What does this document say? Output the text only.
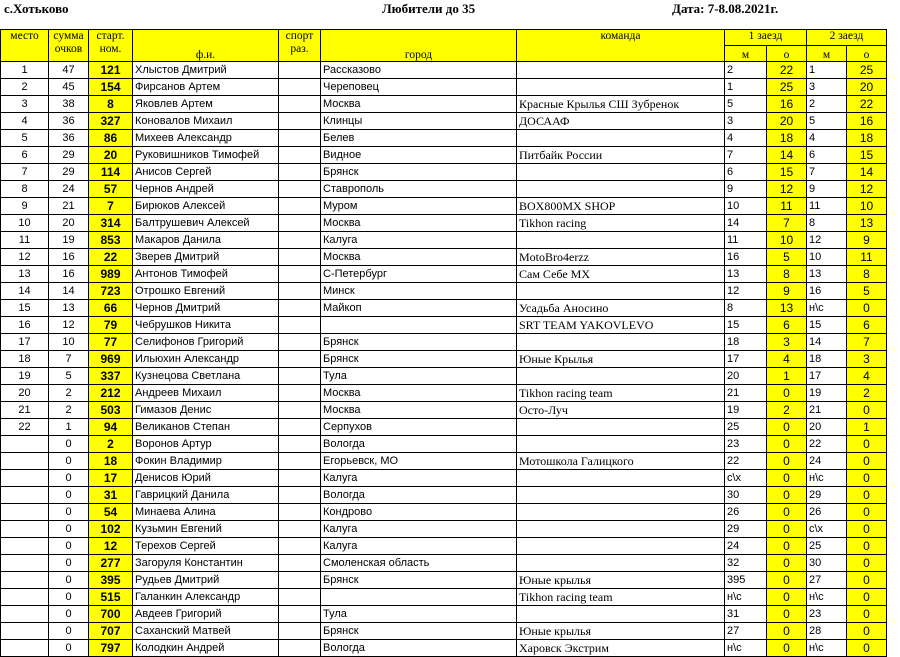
с.Хотьково	Любители до 35	Дата: 7-8.08.2021г.
место	сумма очков	старт. ном.	ф.и.	спорт раз.	город	команда	1 заезд		2 заезд	
							м	о	м	о
1	47	121	Хлыстов Дмитрий		Рассказово		2	22	1	25
2	45	154	Фирсанов Артем		Череповец		1	25	3	20
3	38	8	Яковлев Артем		Москва	Красные Крылья СШ Зубренок	5	16	2	22
4	36	327	Коновалов Михаил		Клинцы	ДОСААФ	3	20	5	16
5	36	86	Михеев Александр		Белев		4	18	4	18
6	29	20	Руковишников Тимофей		Видное	Питбайк России	7	14	6	15
7	29	114	Анисов Сергей		Брянск		6	15	7	14
8	24	57	Чернов Андрей		Ставрополь		9	12	9	12
9	21	7	Бирюков Алексей		Муром	BOX800MX SHOP	10	11	11	10
10	20	314	Балтрушевич Алексей		Москва	Tikhon racing	14	7	8	13
11	19	853	Макаров Данила		Калуга		11	10	12	9
12	16	22	Зверев Дмитрий		Москва	MotoBro4erzz	16	5	10	11
13	16	989	Антонов Тимофей		С-Петербург	Сам Себе МХ	13	8	13	8
14	14	723	Отрошко Евгений		Минск		12	9	16	5
15	13	66	Чернов Дмитрий		Майкоп	Усадьба Аносино	8	13	н\с	0
16	12	79	Чебрушков Никита			SRT TEAM YAKOVLEVO	15	6	15	6
17	10	77	Селифонов Григорий		Брянск		18	3	14	7
18	7	969	Ильюхин Александр		Брянск	Юные Крылья	17	4	18	3
19	5	337	Кузнецова Светлана		Тула		20	1	17	4
20	2	212	Андреев Михаил		Москва	Tikhon racing team	21	0	19	2
21	2	503	Гимазов Денис		Москва	Осто-Луч	19	2	21	0
22	1	94	Великанов Степан		Серпухов		25	0	20	1
	0	2	Воронов Артур		Вологда		23	0	22	0
	0	18	Фокин Владимир		Егорьевск, МО	Мотошкола Галицкого	22	0	24	0
	0	17	Денисов Юрий		Калуга		с\х	0	н\с	0
	0	31	Гаврицкий Данила		Вологда		30	0	29	0
	0	54	Минаева Алина		Кондрово		26	0	26	0
	0	102	Кузьмин Евгений		Калуга		29	0	с\х	0
	0	12	Терехов Сергей		Калуга		24	0	25	0
	0	277	Загоруля Константин		Смоленская область		32	0	30	0
	0	395	Рудьев Дмитрий		Брянск	Юные крылья	395	0	27	0
	0	515	Галанкин Александр			Tikhon racing team	н\с	0	н\с	0
	0	700	Авдеев Григорий		Тула		31	0	23	0
	0	707	Саханский Матвей		Брянск	Юные крылья	27	0	28	0
	0	797	Колодкин Андрей		Вологда	Харовск Экстрим	н\с	0	н\с	0
